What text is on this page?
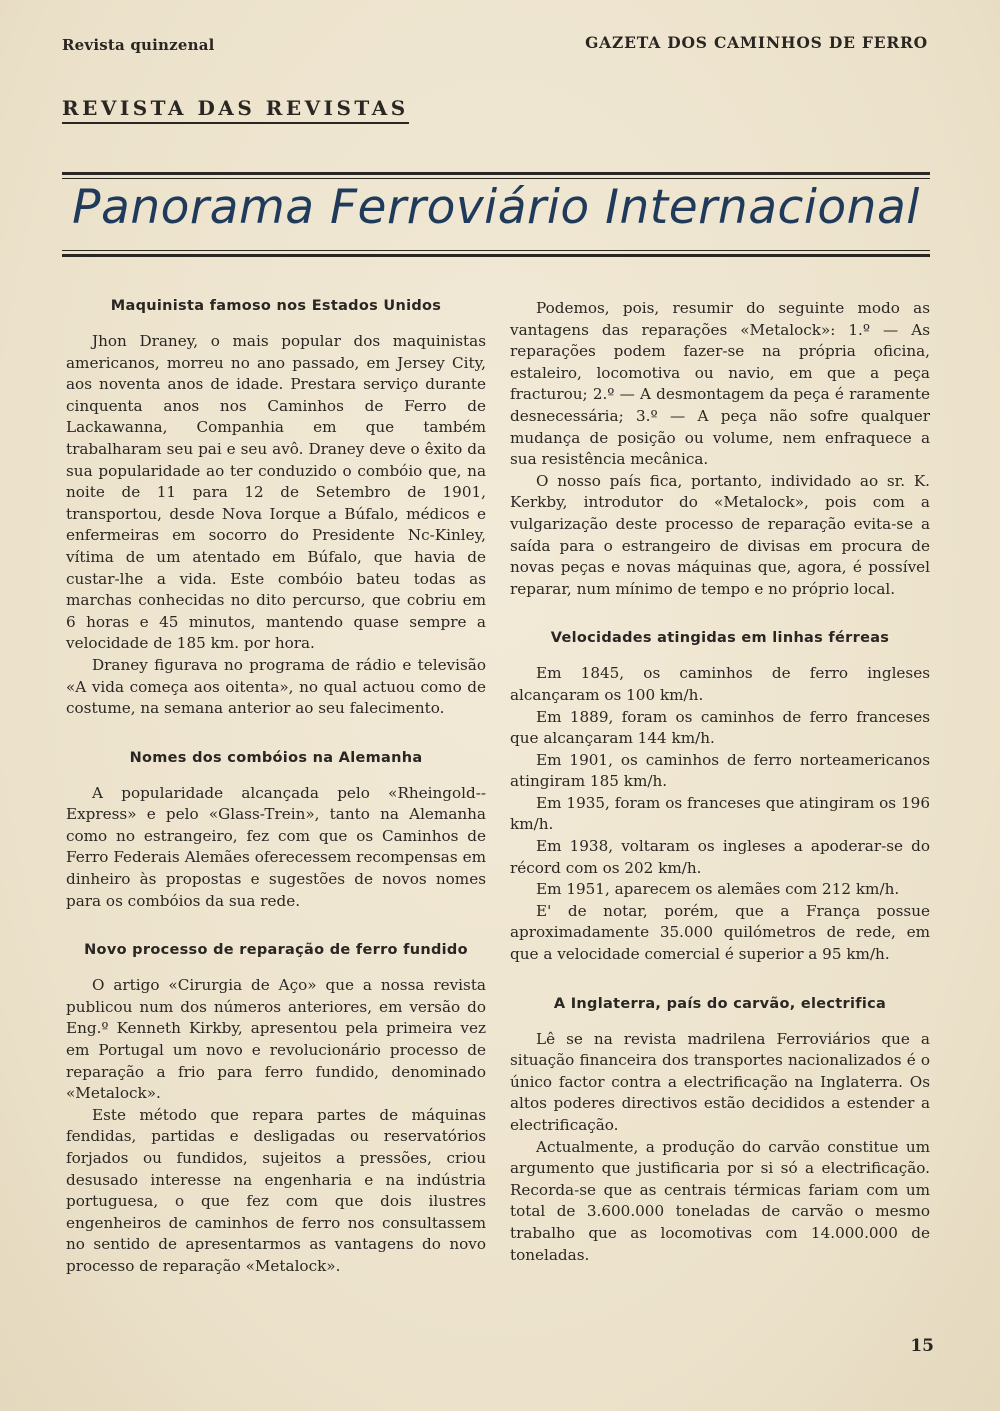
Revista quinzenal	GAZETA DOS CAMINHOS DE FERRO
REVISTA DAS REVISTAS
Panorama Ferroviário Internacional
Maquinista famoso nos Estados Unidos

Jhon Draney, o mais popular dos maquinistas americanos, morreu no ano passado, em Jersey City, aos noventa anos de idade. Prestara serviço durante cinquenta anos nos Caminhos de Ferro de Lackawanna, Companhia em que também trabalharam seu pai e seu avô. Draney deve o êxito da sua popularidade ao ter conduzido o combóio que, na noite de 11 para 12 de Setembro de 1901, transportou, desde Nova Iorque a Búfalo, médicos e enfermeiras em socorro do Presidente Nc-Kinley, vítima de um atentado em Búfalo, que havia de custar-lhe a vida. Este combóio bateu todas as marchas conhecidas no dito percurso, que cobriu em 6 horas e 45 minutos, mantendo quase sempre a velocidade de 185 km. por hora.

Draney figurava no programa de rádio e televisão «A vida começa aos oitenta», no qual actuou como de costume, na semana anterior ao seu falecimento.

Nomes dos combóios na Alemanha

A popularidade alcançada pelo «Rheingold--Express» e pelo «Glass-Trein», tanto na Alemanha como no estrangeiro, fez com que os Caminhos de Ferro Federais Alemães oferecessem recompensas em dinheiro às propostas e sugestões de novos nomes para os combóios da sua rede.

Novo processo de reparação de ferro fundido

O artigo «Cirurgia de Aço» que a nossa revista publicou num dos números anteriores, em versão do Eng.º Kenneth Kirkby, apresentou pela primeira vez em Portugal um novo e revolucionário processo de reparação a frio para ferro fundido, denominado «Metalock».

Este método que repara partes de máquinas fendidas, partidas e desligadas ou reservatórios forjados ou fundidos, sujeitos a pressões, criou desusado interesse na engenharia e na indústria portuguesa, o que fez com que dois ilustres engenheiros de caminhos de ferro nos consultassem no sentido de apresentarmos as vantagens do novo processo de reparação «Metalock».

Podemos, pois, resumir do seguinte modo as vantagens das reparações «Metalock»: 1.º — As reparações podem fazer-se na própria oficina, estaleiro, locomotiva ou navio, em que a peça fracturou; 2.º — A desmontagem da peça é raramente desnecessária; 3.º — A peça não sofre qualquer mudança de posição ou volume, nem enfraquece a sua resistência mecânica.

O nosso país fica, portanto, individado ao sr. K. Kerkby, introdutor do «Metalock», pois com a vulgarização deste processo de reparação evita-se a saída para o estrangeiro de divisas em procura de novas peças e novas máquinas que, agora, é possível reparar, num mínimo de tempo e no próprio local.

Velocidades atingidas em linhas férreas

Em 1845, os caminhos de ferro ingleses alcançaram os 100 km/h.

Em 1889, foram os caminhos de ferro franceses que alcançaram 144 km/h.

Em 1901, os caminhos de ferro norteamericanos atingiram 185 km/h.

Em 1935, foram os franceses que atingiram os 196 km/h.

Em 1938, voltaram os ingleses a apoderar-se do récord com os 202 km/h.

Em 1951, aparecem os alemães com 212 km/h.

E' de notar, porém, que a França possue aproximadamente 35.000 quilómetros de rede, em que a velocidade comercial é superior a 95 km/h.

A Inglaterra, país do carvão, electrifica

Lê se na revista madrilena Ferroviários que a situação financeira dos transportes nacionalizados é o único factor contra a electrificação na Inglaterra. Os altos poderes directivos estão decididos a estender a electrificação.

Actualmente, a produção do carvão constitue um argumento que justificaria por si só a electrificação. Recorda-se que as centrais térmicas fariam com um total de 3.600.000 toneladas de carvão o mesmo trabalho que as locomotivas com 14.000.000 de toneladas.

15
